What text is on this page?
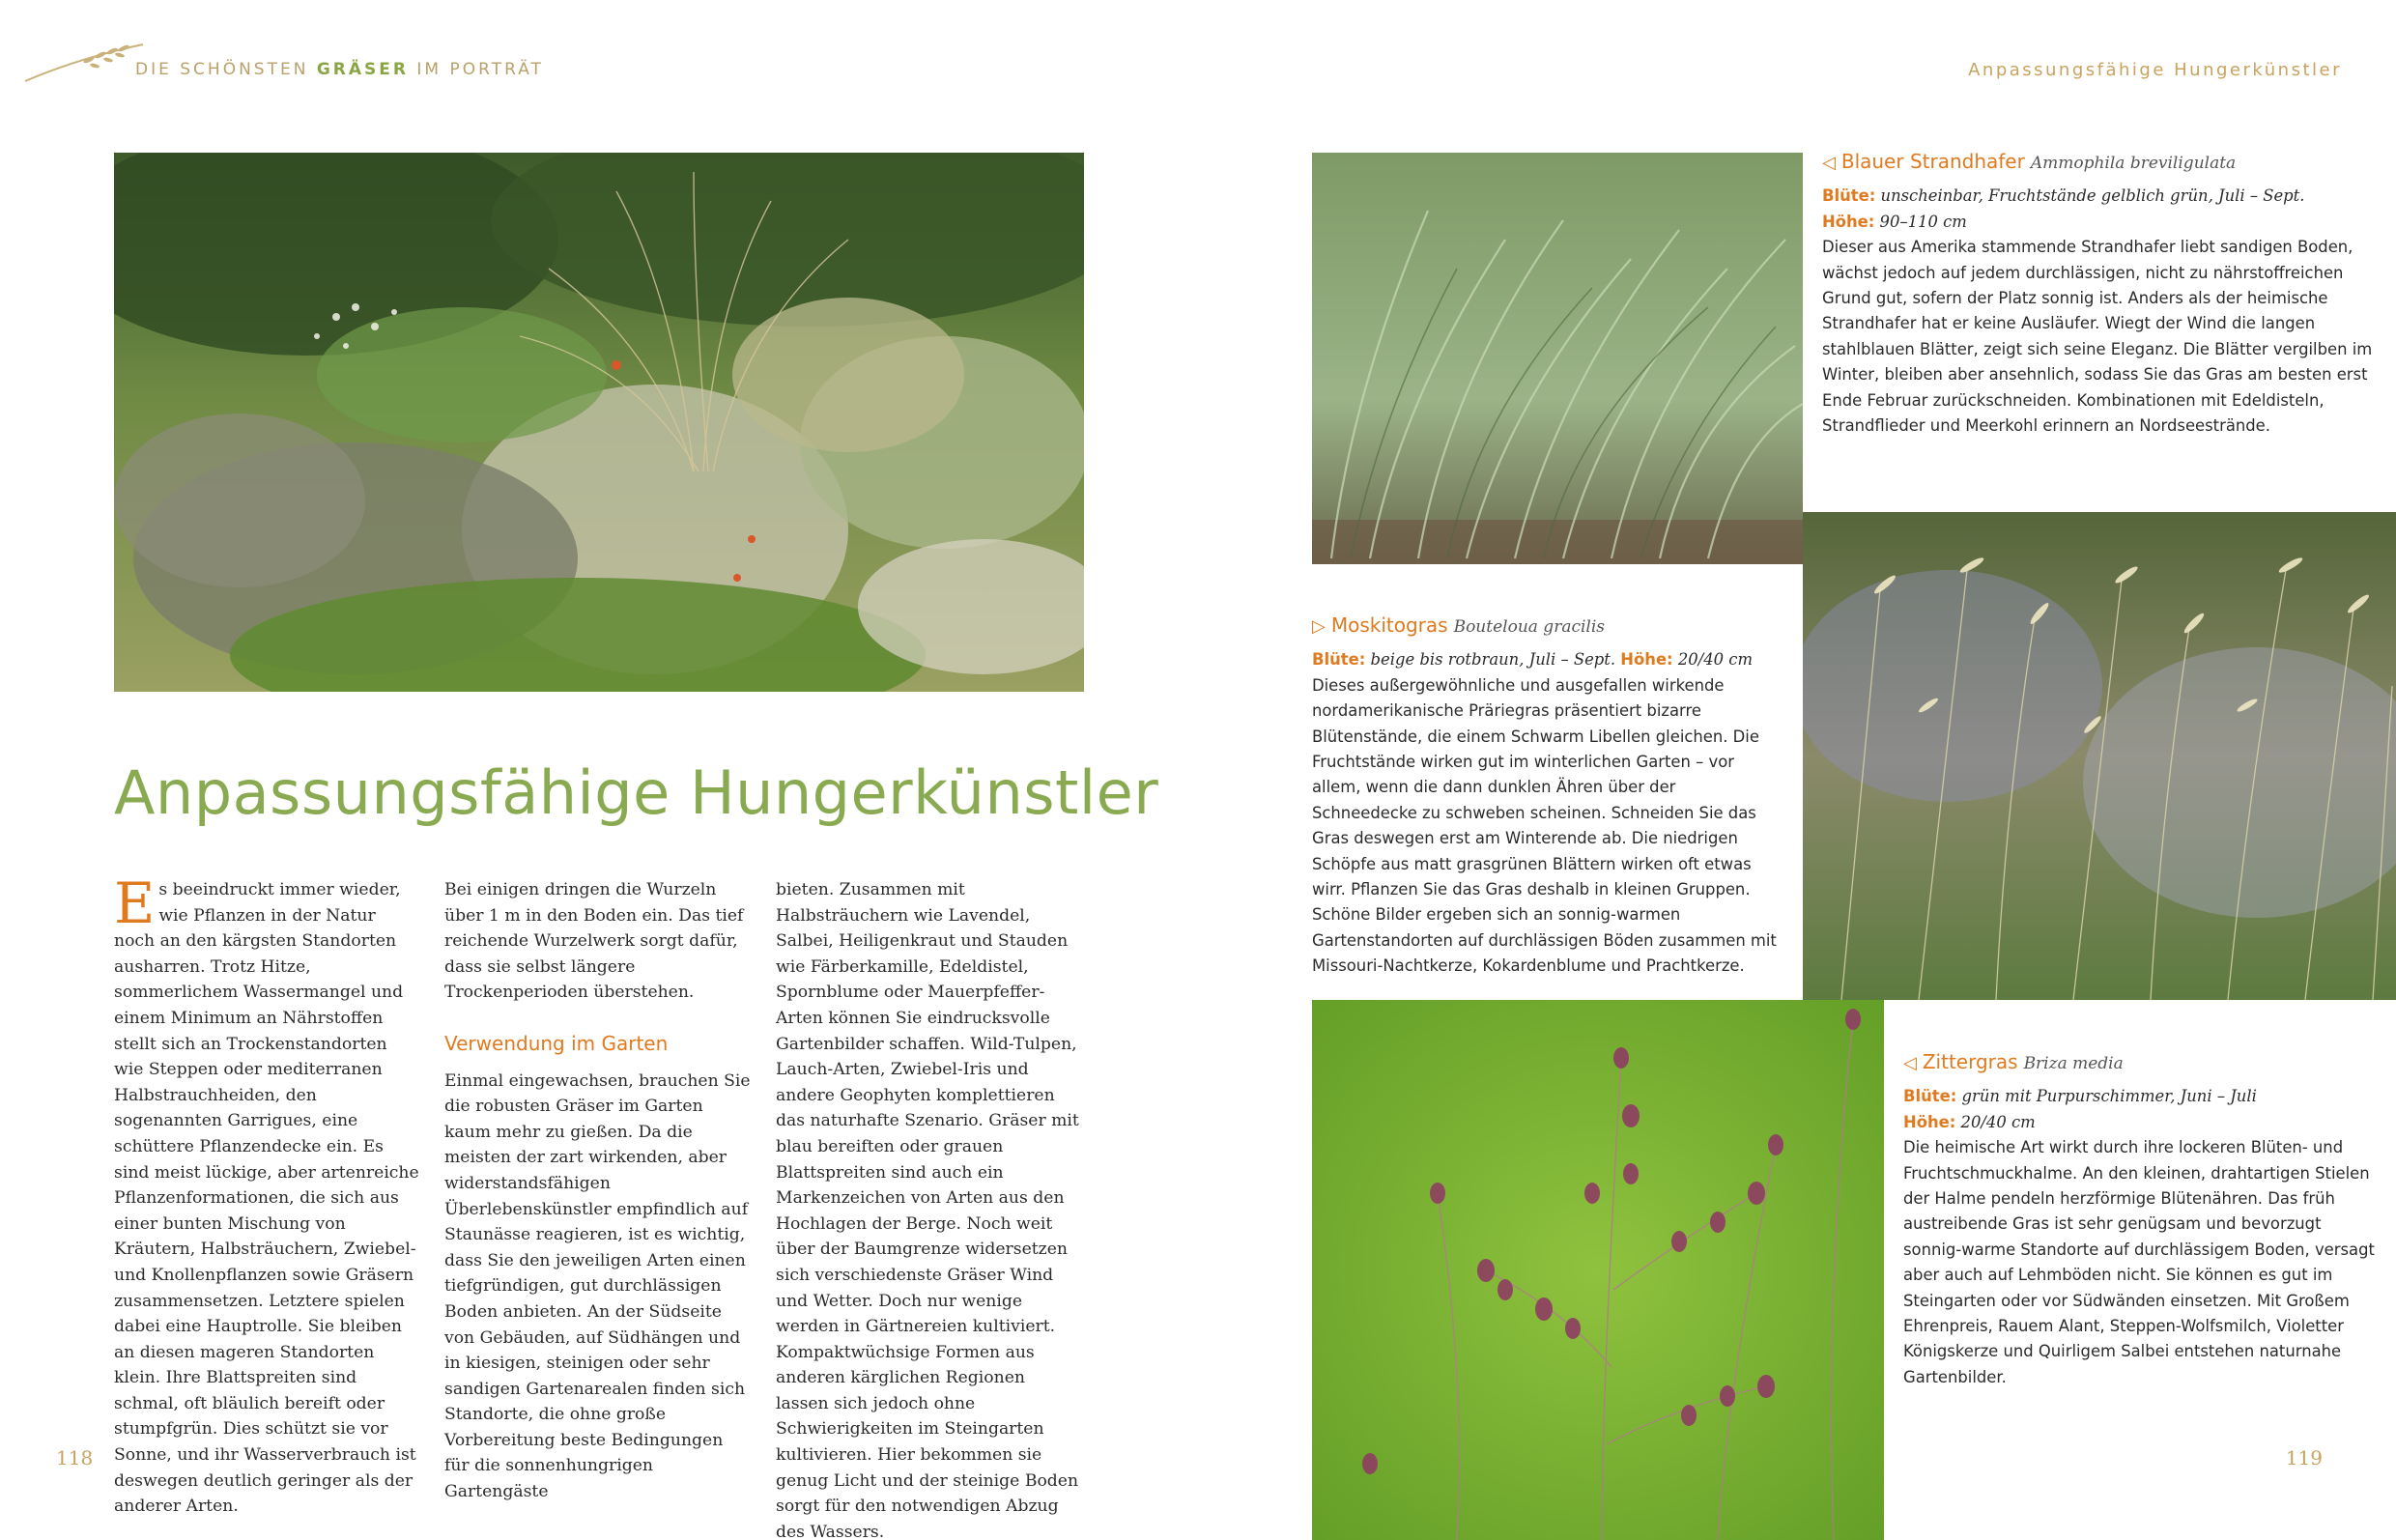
DIE SCHÖNSTEN GRÄSER IM PORTRÄT	Anpassungsfähige Hungerkünstler
Anpassungsfähige Hungerkünstler

Es beeindruckt immer wieder, wie Pflanzen in der Natur noch an den kärgsten Standorten ausharren. Trotz Hitze, sommerlichem Wassermangel und einem Minimum an Nährstoffen stellt sich an Trockenstandorten wie Steppen oder mediterranen Halbstrauchheiden, den sogenannten Garrigues, eine schüttere Pflanzendecke ein. Es sind meist lückige, aber artenreiche Pflanzenformationen, die sich aus einer bunten Mischung von Kräutern, Halbsträuchern, Zwiebel- und Knollenpflanzen sowie Gräsern zusammensetzen. Letztere spielen dabei eine Hauptrolle. Sie bleiben an diesen mageren Standorten klein. Ihre Blattspreiten sind schmal, oft bläulich bereift oder stumpfgrün. Dies schützt sie vor Sonne, und ihr Wasserverbrauch ist deswegen deutlich geringer als der anderer Arten.

Bei einigen dringen die Wurzeln über 1 m in den Boden ein. Das tief reichende Wurzelwerk sorgt dafür, dass sie selbst längere Trockenperioden überstehen.

Verwendung im Garten

Einmal eingewachsen, brauchen Sie die robusten Gräser im Garten kaum mehr zu gießen. Da die meisten der zart wirkenden, aber widerstandsfähigen Überlebenskünstler empfindlich auf Staunässe reagieren, ist es wichtig, dass Sie den jeweiligen Arten einen tiefgründigen, gut durchlässigen Boden anbieten. An der Südseite von Gebäuden, auf Südhängen und in kiesigen, steinigen oder sehr sandigen Gartenarealen finden sich Standorte, die ohne große Vorbereitung beste Bedingungen für die sonnenhungrigen Gartengäste

bieten. Zusammen mit Halbsträuchern wie Lavendel, Salbei, Heiligenkraut und Stauden wie Färberkamille, Edeldistel, Spornblume oder Mauerpfeffer-Arten können Sie eindrucksvolle Gartenbilder schaffen. Wild-Tulpen, Lauch-Arten, Zwiebel-Iris und andere Geophyten komplettieren das naturhafte Szenario. Gräser mit blau bereiften oder grauen Blattspreiten sind auch ein Markenzeichen von Arten aus den Hochlagen der Berge. Noch weit über der Baumgrenze widersetzen sich verschiedenste Gräser Wind und Wetter. Doch nur wenige werden in Gärtnereien kultiviert. Kompaktwüchsige Formen aus anderen kärglichen Regionen lassen sich jedoch ohne Schwierigkeiten im Steingarten kultivieren. Hier bekommen sie genug Licht und der steinige Boden sorgt für den notwendigen Abzug des Wassers.

◁ Blauer Strandhafer Ammophila breviligulata
Blüte: unscheinbar, Fruchtstände gelblich grün, Juli – Sept.
Höhe: 90–110 cm

Dieser aus Amerika stammende Strandhafer liebt sandigen Boden, wächst jedoch auf jedem durchlässigen, nicht zu nährstoffreichen Grund gut, sofern der Platz sonnig ist. Anders als der heimische Strandhafer hat er keine Ausläufer. Wiegt der Wind die langen stahlblauen Blätter, zeigt sich seine Eleganz. Die Blätter vergilben im Winter, bleiben aber ansehnlich, sodass Sie das Gras am besten erst Ende Februar zurückschneiden. Kombinationen mit Edeldisteln, Strandflieder und Meerkohl erinnern an Nordseestrände.

▷ Moskitogras Bouteloua gracilis
Blüte: beige bis rotbraun, Juli – Sept. Höhe: 20/40 cm

Dieses außergewöhnliche und ausgefallen wirkende nordamerikanische Präriegras präsentiert bizarre Blütenstände, die einem Schwarm Libellen gleichen. Die Fruchtstände wirken gut im winterlichen Garten – vor allem, wenn die dann dunklen Ähren über der Schneedecke zu schweben scheinen. Schneiden Sie das Gras deswegen erst am Winterende ab. Die niedrigen Schöpfe aus matt grasgrünen Blättern wirken oft etwas wirr. Pflanzen Sie das Gras deshalb in kleinen Gruppen. Schöne Bilder ergeben sich an sonnig-warmen Gartenstandorten auf durchlässigen Böden zusammen mit Missouri-Nachtkerze, Kokardenblume und Prachtkerze.

◁ Zittergras Briza media
Blüte: grün mit Purpurschimmer, Juni – Juli
Höhe: 20/40 cm

Die heimische Art wirkt durch ihre lockeren Blüten- und Fruchtschmuckhalme. An den kleinen, drahtartigen Stielen der Halme pendeln herzförmige Blütenähren. Das früh austreibende Gras ist sehr genügsam und bevorzugt sonnig-warme Standorte auf durchlässigem Boden, versagt aber auch auf Lehmböden nicht. Sie können es gut im Steingarten oder vor Südwänden einsetzen. Mit Großem Ehrenpreis, Rauem Alant, Steppen-Wolfsmilch, Violetter Königskerze und Quirligem Salbei entstehen naturnahe Gartenbilder.

118	119
